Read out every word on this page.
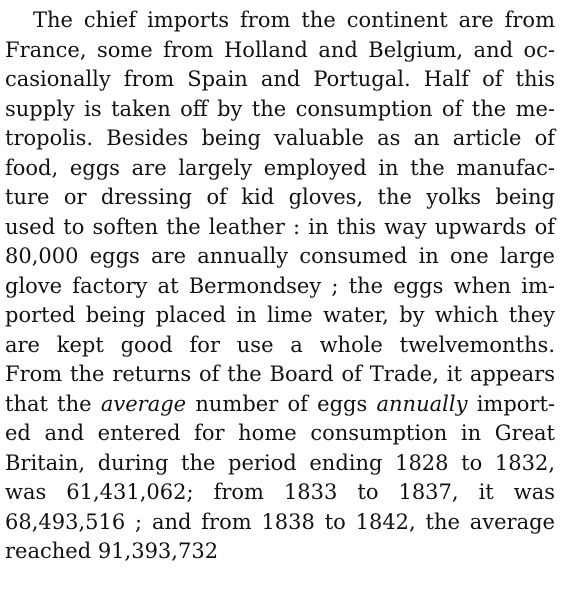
The chief imports from the continent are from
France, some from Holland and Belgium, and oc-
casionally from Spain and Portugal. Half of this
supply is taken off by the consumption of the me-
tropolis. Besides being valuable as an article of
food, eggs are largely employed in the manufac-
ture or dressing of kid gloves, the yolks being
used to soften the leather : in this way upwards of
80,000 eggs are annually consumed in one large
glove factory at Bermondsey ; the eggs when im-
ported being placed in lime water, by which they
are kept good for use a whole twelvemonths.
From the returns of the Board of Trade, it appears
that the average number of eggs annually import-
ed and entered for home consumption in Great
Britain, during the period ending 1828 to 1832,
was 61,431,062; from 1833 to 1837, it was
68,493,516 ; and from 1838 to 1842, the average
reached 91,393,732
